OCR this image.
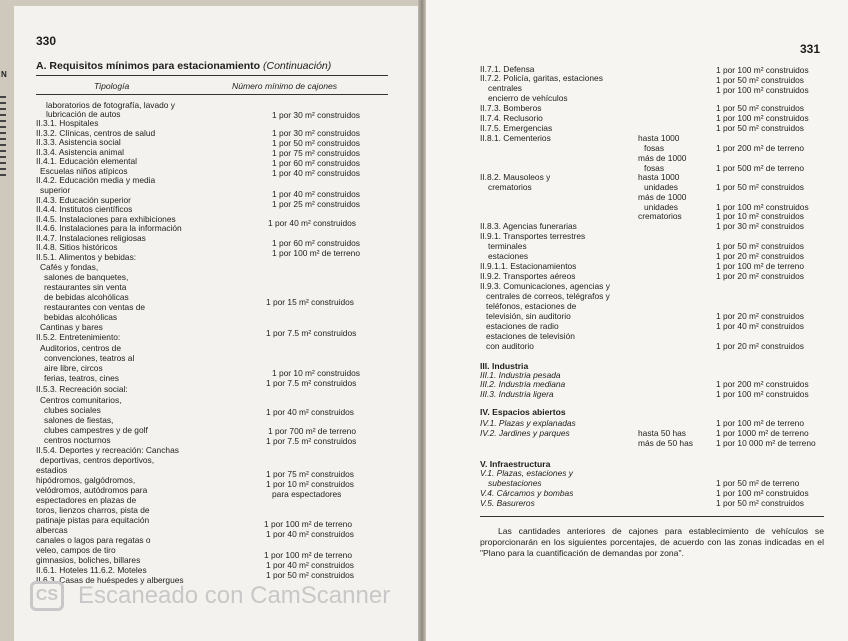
N
330
331
A. Requisitos mínimos para estacionamiento (Continuación)
Tipología	Número mínimo de cajones
laboratorios de fotografía, lavado y
lubricación de autos
II.3.1. Hospitales
II.3.2. Clínicas, centros de salud
II.3.3. Asistencia social
II.3.4. Asistencia animal
II.4.1. Educación elemental
Escuelas niños atípicos
II.4.2. Educación media y media
superior
II.4.3. Educación superior
II.4.4. Institutos científicos
II.4.5. Instalaciones para exhibiciones
II.4.6. Instalaciones para la información
II.4.7. Instalaciones religiosas
II.4.8. Sitios históricos
II.5.1. Alimentos y bebidas:
Cafés y fondas,
salones de banquetes,
restaurantes sin venta
de bebidas alcohólicas
restaurantes con ventas de
bebidas alcohólicas
Cantinas y bares
II.5.2. Entretenimiento:
Auditorios, centros de
convenciones, teatros al
aire libre, circos
ferias, teatros, cines
II.5.3. Recreación social:
Centros comunitarios,
clubes sociales
salones de fiestas,
clubes campestres y de golf
centros nocturnos
II.5.4. Deportes y recreación: Canchas
deportivas, centros deportivos,
estadios
hipódromos, galgódromos,
velódromos, autódromos para
espectadores en plazas de
toros, lienzos charros, pista de
patinaje pistas para equitación
albercas
canales o lagos para regatas o
veleo, campos de tiro
gimnasios, boliches, billares
II.6.1. Hoteles 11.6.2. Moteles
II.6.3. Casas de huéspedes y albergues
1 por 30 m² construidos
1 por 30 m² construidos
1 por 50 m² construidos
1 por 75 m² construidos
1 por 60 m² construidos
1 por 40 m² construidos
1 por 40 m² construidos
1 por 25 m² construidos
1 por 40 m² construidos
1 por 60 m² construidos
1 por 100 m² de terreno
1 por 15 m² construidos
1 por 7.5 m² construidos
1 por 10 m² construidos
1 por 7.5 m² construidos
1 por 40 m² construidos
1 por 700 m² de terreno
1 por 7.5 m² construidos
1 por 75 m² construidos
1 por 10 m² construidos
para espectadores
1 por 100 m² de terreno
1 por 40 m² construidos
1 por 100 m² de terreno
1 por 40 m² construidos
1 por 50 m² construidos
II.7.1. Defensa
II.7.2. Policía, garitas, estaciones
centrales
encierro de vehículos
II.7.3. Bomberos
II.7.4. Reclusorio
II.7.5. Emergencias
II.8.1. Cementerios
II.8.2. Mausoleos y
crematorios
II.8.3. Agencias funerarias
II.9.1. Transportes terrestres
terminales
estaciones
II.9.1.1. Estacionamientos
II.9.2. Transportes aéreos
II.9.3. Comunicaciones, agencias y
centrales de correos, telégrafos y
teléfonos, estaciones de
televisión, sin auditorio
estaciones de radio
estaciones de televisión
con auditorio
hasta 1000
fosas
más de 1000
fosas
hasta 1000
unidades
más de 1000
unidades
crematorios
1 por 100 m² construidos
1 por 50 m² construidos
1 por 100 m² construidos
1 por 50 m² construidos
1 por 100 m² construidos
1 por 50 m² construidos
1 por 200 m² de terreno
1 por 500 m² de terreno
1 por 50 m² construidos
1 por 100 m² construidos
1 por 10 m² construidos
1 por 30 m² construidos
1 por 50 m² construidos
1 por 20 m² construidos
1 por 100 m² de terreno
1 por 20 m² construidos
1 por 20 m² construidos
1 por 40 m² construidos
1 por 20 m² construidos
III. Industria
IV. Espacios abiertos
V. Infraestructura
III.1. Industria pesada
III.2. Industria mediana
III.3. Industria ligera
1 por 200 m² construidos
1 por 100 m² construidos
IV.1. Plazas y explanadas
IV.2. Jardines y parques	hasta 50 has
más de 50 has
1 por 100 m² de terreno
1 por 1000 m² de terreno
1 por 10 000 m² de terreno
V.1. Plazas, estaciones y
subestaciones
V.4. Cárcamos y bombas
V.5. Basureros
1 por 50 m² de terreno
1 por 100 m² construidos
1 por 50 m² construidos
Las cantidades anteriores de cajones para establecimiento de vehículos se proporcionarán en los siguientes porcentajes, de acuerdo con las zonas indicadas en el "Plano para la cuantificación de demandas por zona".
CS Escaneado con CamScanner
